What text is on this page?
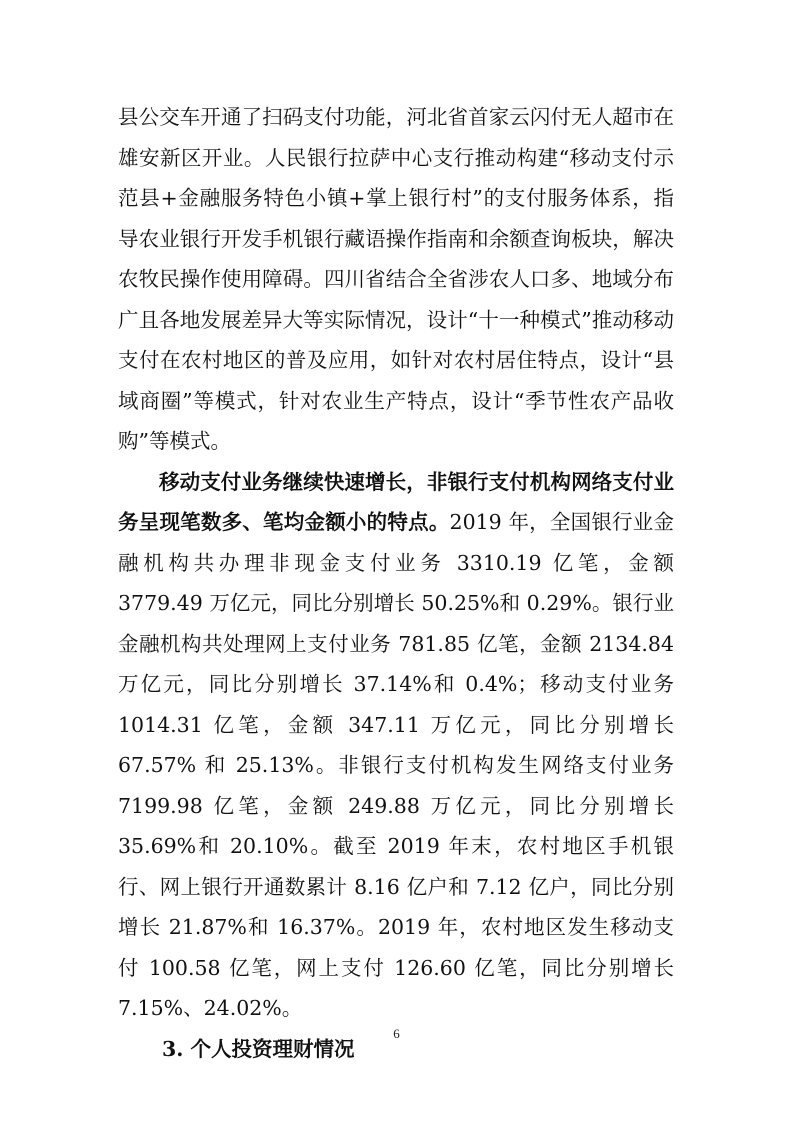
县公交车开通了扫码支付功能，河北省首家云闪付无人超市在雄安新区开业。人民银行拉萨中心支行推动构建“移动支付示范县+金融服务特色小镇+掌上银行村”的支付服务体系，指导农业银行开发手机银行藏语操作指南和余额查询板块，解决农牧民操作使用障碍。四川省结合全省涉农人口多、地域分布广且各地发展差异大等实际情况，设计“十一种模式”推动移动支付在农村地区的普及应用，如针对农村居住特点，设计“县域商圈”等模式，针对农业生产特点，设计“季节性农产品收购”等模式。

移动支付业务继续快速增长，非银行支付机构网络支付业务呈现笔数多、笔均金额小的特点。2019 年，全国银行业金融机构共办理非现金支付业务 3310.19 亿笔，金额 3779.49 万亿元，同比分别增长 50.25%和 0.29%。银行业金融机构共处理网上支付业务 781.85 亿笔，金额 2134.84 万亿元，同比分别增长 37.14%和 0.4%；移动支付业务 1014.31 亿笔，金额 347.11 万亿元，同比分别增长 67.57% 和 25.13%。非银行支付机构发生网络支付业务 7199.98 亿笔，金额 249.88 万亿元，同比分别增长 35.69%和 20.10%。截至 2019 年末，农村地区手机银行、网上银行开通数累计 8.16 亿户和 7.12 亿户，同比分别增长 21.87%和 16.37%。2019 年，农村地区发生移动支付 100.58 亿笔，网上支付 126.60 亿笔，同比分别增长 7.15%、24.02%。

3. 个人投资理财情况

6
